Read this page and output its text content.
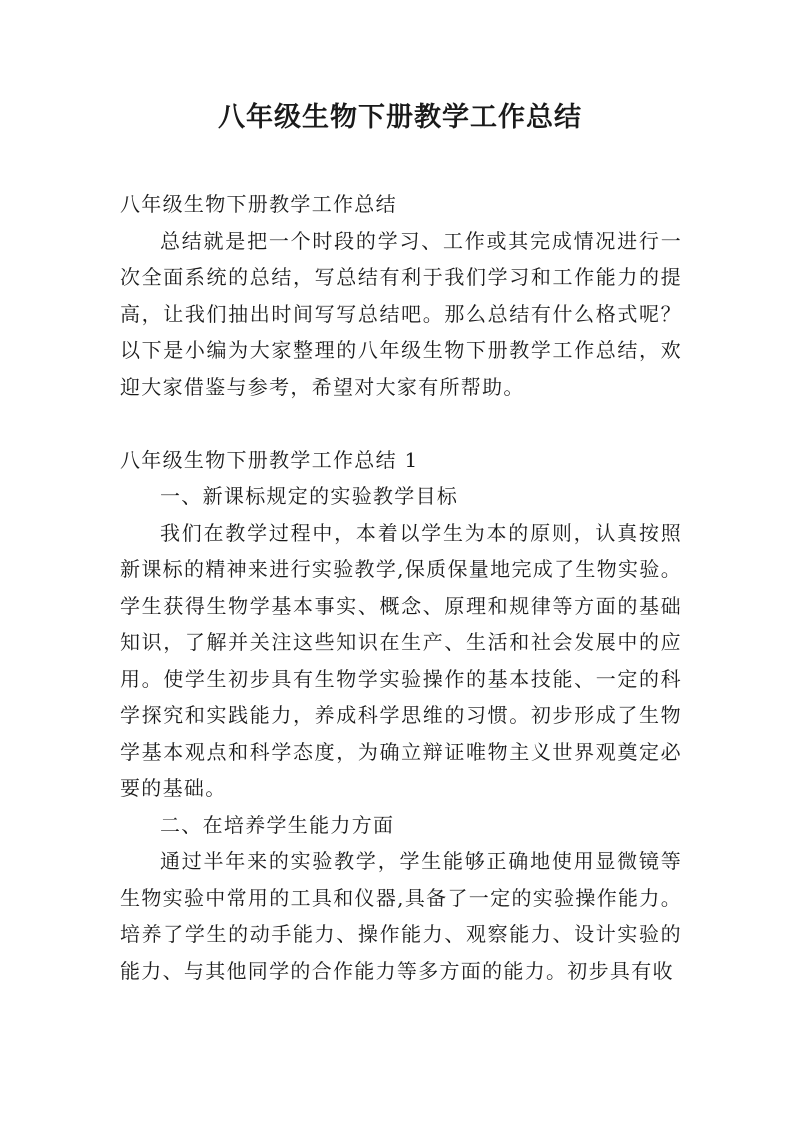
八年级生物下册教学工作总结

八年级生物下册教学工作总结

总结就是把一个时段的学习、工作或其完成情况进行一次全面系统的总结，写总结有利于我们学习和工作能力的提高，让我们抽出时间写写总结吧。那么总结有什么格式呢？以下是小编为大家整理的八年级生物下册教学工作总结，欢迎大家借鉴与参考，希望对大家有所帮助。

八年级生物下册教学工作总结 1

一、新课标规定的实验教学目标

我们在教学过程中，本着以学生为本的原则，认真按照新课标的精神来进行实验教学,保质保量地完成了生物实验。学生获得生物学基本事实、概念、原理和规律等方面的基础知识，了解并关注这些知识在生产、生活和社会发展中的应用。使学生初步具有生物学实验操作的基本技能、一定的科学探究和实践能力，养成科学思维的习惯。初步形成了生物学基本观点和科学态度，为确立辩证唯物主义世界观奠定必要的基础。

二、在培养学生能力方面

通过半年来的实验教学，学生能够正确地使用显微镜等生物实验中常用的工具和仪器,具备了一定的实验操作能力。培养了学生的动手能力、操作能力、观察能力、设计实验的能力、与其他同学的合作能力等多方面的能力。初步具有收
